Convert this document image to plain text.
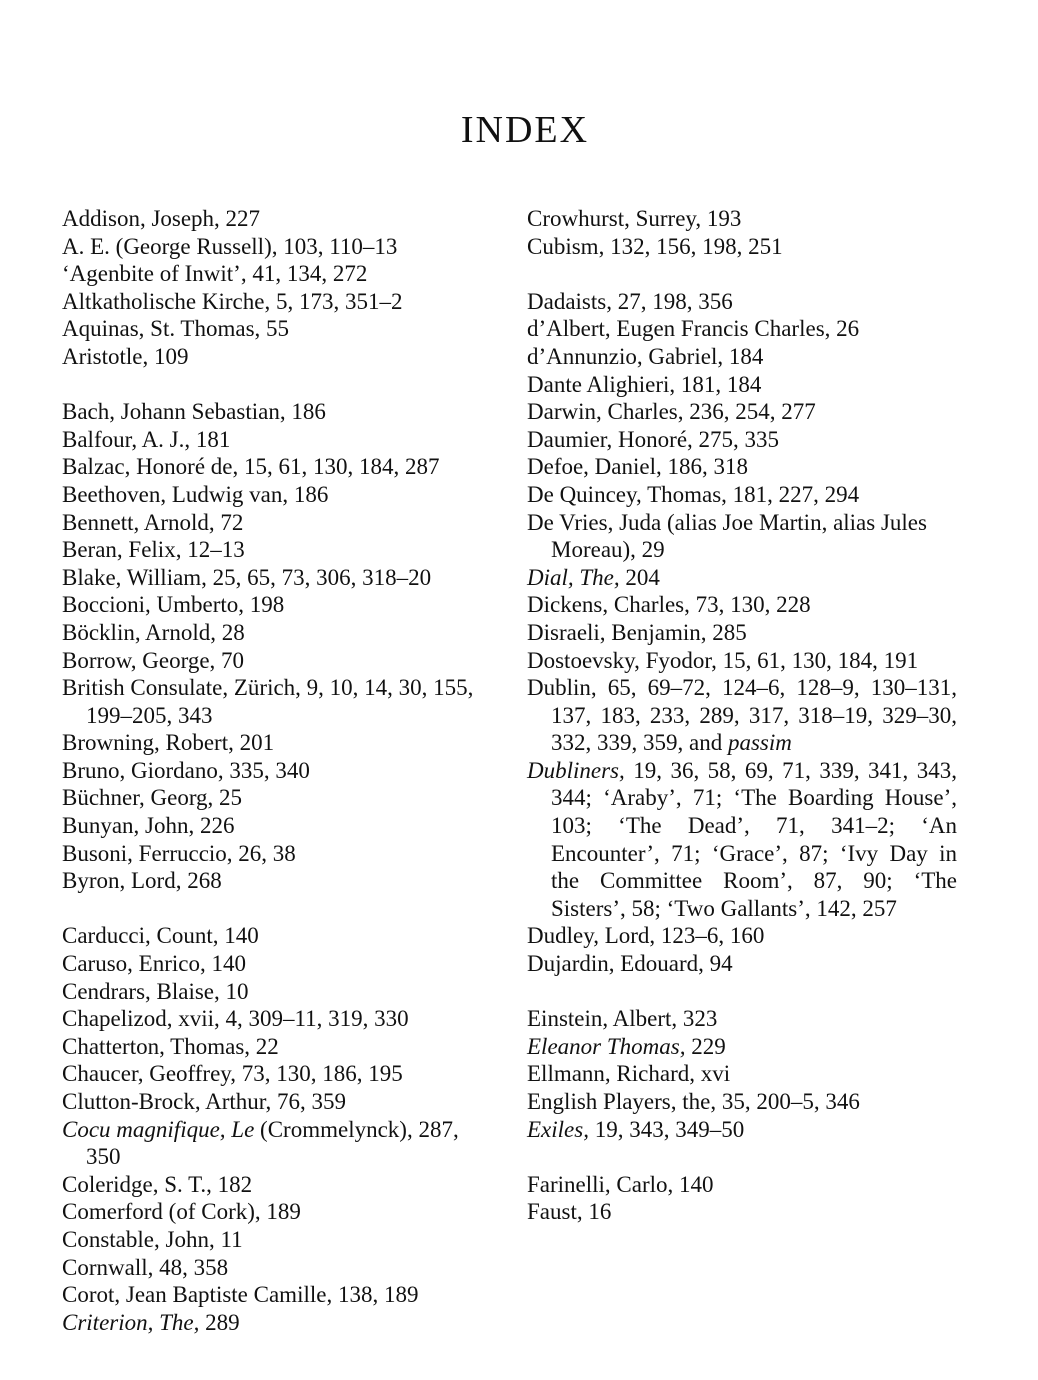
INDEX
Addison, Joseph, 227
A. E. (George Russell), 103, 110–13
‘Agenbite of Inwit’, 41, 134, 272
Altkatholische Kirche, 5, 173, 351–2
Aquinas, St. Thomas, 55
Aristotle, 109
Bach, Johann Sebastian, 186
Balfour, A. J., 181
Balzac, Honoré de, 15, 61, 130, 184, 287
Beethoven, Ludwig van, 186
Bennett, Arnold, 72
Beran, Felix, 12–13
Blake, William, 25, 65, 73, 306, 318–20
Boccioni, Umberto, 198
Böcklin, Arnold, 28
Borrow, George, 70
British Consulate, Zürich, 9, 10, 14, 30, 155, 199–205, 343
Browning, Robert, 201
Bruno, Giordano, 335, 340
Büchner, Georg, 25
Bunyan, John, 226
Busoni, Ferruccio, 26, 38
Byron, Lord, 268
Carducci, Count, 140
Caruso, Enrico, 140
Cendrars, Blaise, 10
Chapelizod, xvii, 4, 309–11, 319, 330
Chatterton, Thomas, 22
Chaucer, Geoffrey, 73, 130, 186, 195
Clutton-Brock, Arthur, 76, 359
Cocu magnifique, Le (Crommelynck), 287, 350
Coleridge, S. T., 182
Comerford (of Cork), 189
Constable, John, 11
Cornwall, 48, 358
Corot, Jean Baptiste Camille, 138, 189
Criterion, The, 289
Crowhurst, Surrey, 193
Cubism, 132, 156, 198, 251
Dadaists, 27, 198, 356
d’Albert, Eugen Francis Charles, 26
d’Annunzio, Gabriel, 184
Dante Alighieri, 181, 184
Darwin, Charles, 236, 254, 277
Daumier, Honoré, 275, 335
Defoe, Daniel, 186, 318
De Quincey, Thomas, 181, 227, 294
De Vries, Juda (alias Joe Martin, alias Jules Moreau), 29
Dial, The, 204
Dickens, Charles, 73, 130, 228
Disraeli, Benjamin, 285
Dostoevsky, Fyodor, 15, 61, 130, 184, 191
Dublin, 65, 69–72, 124–6, 128–9, 130–131, 137, 183, 233, 289, 317, 318–19, 329–30, 332, 339, 359, and passim
Dubliners, 19, 36, 58, 69, 71, 339, 341, 343, 344; ‘Araby’, 71; ‘The Boarding House’, 103; ‘The Dead’, 71, 341–2; ‘An Encounter’, 71; ‘Grace’, 87; ‘Ivy Day in the Committee Room’, 87, 90; ‘The Sisters’, 58; ‘Two Gallants’, 142, 257
Dudley, Lord, 123–6, 160
Dujardin, Edouard, 94
Einstein, Albert, 323
Eleanor Thomas, 229
Ellmann, Richard, xvi
English Players, the, 35, 200–5, 346
Exiles, 19, 343, 349–50
Farinelli, Carlo, 140
Faust, 16
